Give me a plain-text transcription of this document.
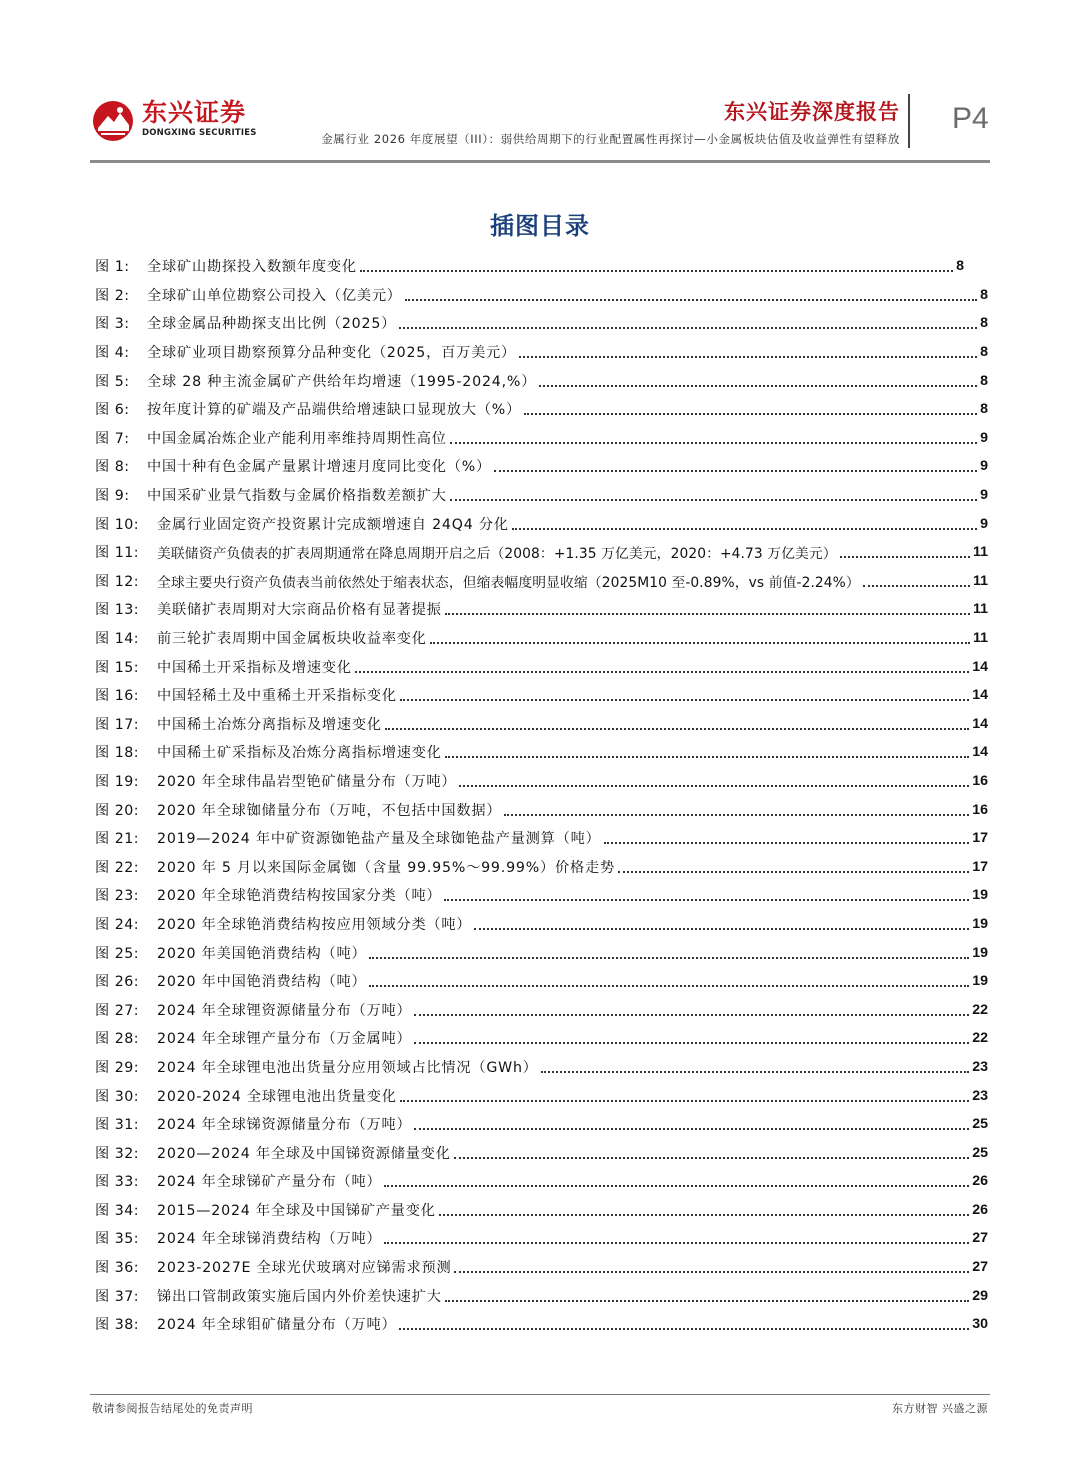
东兴证券
DONGXING SECURITIES
东兴证券深度报告
金属行业 2026 年度展望（III）：弱供给周期下的行业配置属性再探讨—小金属板块估值及收益弹性有望释放
P4
插图目录
图 1:	全球矿山勘探投入数额年度变化	8
图 2:	全球矿山单位勘察公司投入（亿美元）	8
图 3:	全球金属品种勘探支出比例（2025）	8
图 4:	全球矿业项目勘察预算分品种变化（2025，百万美元）	8
图 5:	全球 28 种主流金属矿产供给年均增速（1995-2024,%）	8
图 6:	按年度计算的矿端及产品端供给增速缺口显现放大（%）	8
图 7:	中国金属冶炼企业产能利用率维持周期性高位	9
图 8:	中国十种有色金属产量累计增速月度同比变化（%）	9
图 9:	中国采矿业景气指数与金属价格指数差额扩大	9
图 10:	金属行业固定资产投资累计完成额增速自 24Q4 分化	9
图 11:	美联储资产负债表的扩表周期通常在降息周期开启之后（2008：+1.35 万亿美元，2020：+4.73 万亿美元）	11
图 12:	全球主要央行资产负债表当前依然处于缩表状态，但缩表幅度明显收缩（2025M10 至-0.89%，vs 前值-2.24%）	11
图 13:	美联储扩表周期对大宗商品价格有显著提振	11
图 14:	前三轮扩表周期中国金属板块收益率变化	11
图 15:	中国稀土开采指标及增速变化	14
图 16:	中国轻稀土及中重稀土开采指标变化	14
图 17:	中国稀土冶炼分离指标及增速变化	14
图 18:	中国稀土矿采指标及冶炼分离指标增速变化	14
图 19:	2020 年全球伟晶岩型铯矿储量分布（万吨）	16
图 20:	2020 年全球铷储量分布（万吨，不包括中国数据）	16
图 21:	2019—2024 年中矿资源铷铯盐产量及全球铷铯盐产量测算（吨）	17
图 22:	2020 年 5 月以来国际金属铷（含量 99.95%～99.99%）价格走势	17
图 23:	2020 年全球铯消费结构按国家分类（吨）	19
图 24:	2020 年全球铯消费结构按应用领域分类（吨）	19
图 25:	2020 年美国铯消费结构（吨）	19
图 26:	2020 年中国铯消费结构（吨）	19
图 27:	2024 年全球锂资源储量分布（万吨）	22
图 28:	2024 年全球锂产量分布（万金属吨）	22
图 29:	2024 年全球锂电池出货量分应用领域占比情况（GWh）	23
图 30:	2020-2024 全球锂电池出货量变化	23
图 31:	2024 年全球锑资源储量分布（万吨）	25
图 32:	2020—2024 年全球及中国锑资源储量变化	25
图 33:	2024 年全球锑矿产量分布（吨）	26
图 34:	2015—2024 年全球及中国锑矿产量变化	26
图 35:	2024 年全球锑消费结构（万吨）	27
图 36:	2023-2027E 全球光伏玻璃对应锑需求预测	27
图 37:	锑出口管制政策实施后国内外价差快速扩大	29
图 38:	2024 年全球钼矿储量分布（万吨）	30
敬请参阅报告结尾处的免责声明	东方财智 兴盛之源
